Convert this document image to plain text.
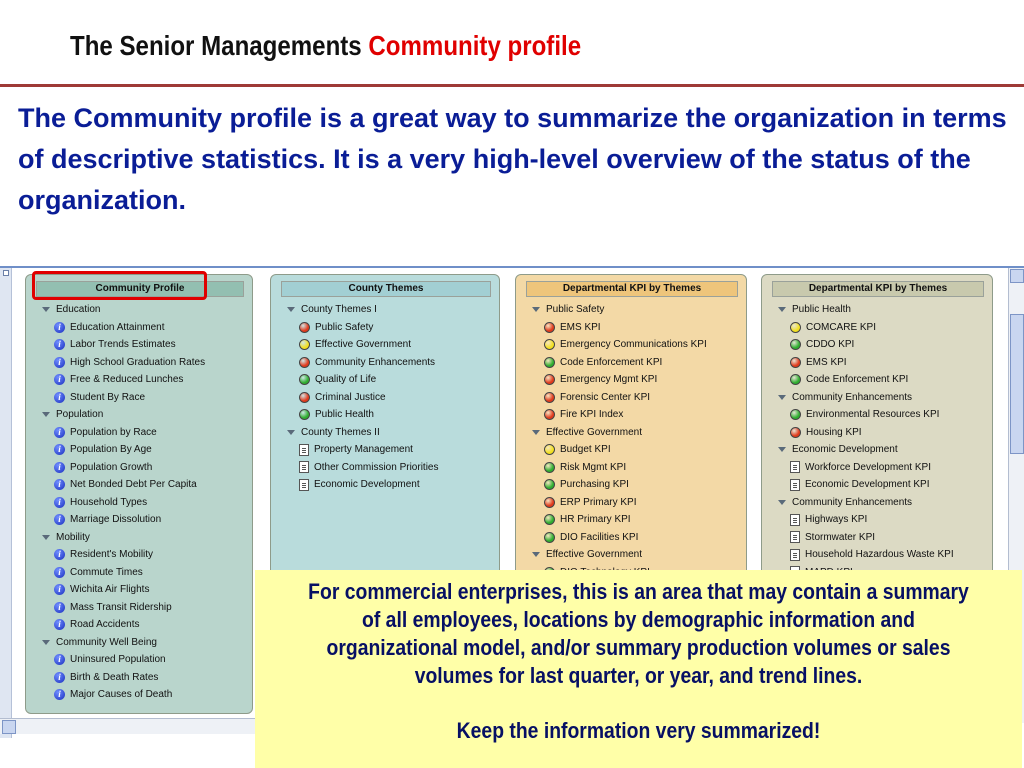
The Senior Managements Community profile
The Community profile is a great way to summarize the organization in terms of descriptive statistics. It is a very high-level overview of the status of the organization.
Community Profile
Education
i Education Attainment
i Labor Trends Estimates
i High School Graduation Rates
i Free & Reduced Lunches
i Student By Race
Population
i Population by Race
i Population By Age
i Population Growth
i Net Bonded Debt Per Capita
i Household Types
i Marriage Dissolution
Mobility
i Resident's Mobility
i Commute Times
i Wichita Air Flights
i Mass Transit Ridership
i Road Accidents
Community Well Being
i Uninsured Population
i Birth & Death Rates
i Major Causes of Death
County Themes
County Themes I
Public Safety
Effective Government
Community Enhancements
Quality of Life
Criminal Justice
Public Health
County Themes II
Property Management
Other Commission Priorities
Economic Development
Departmental KPI by Themes
Public Safety
EMS KPI
Emergency Communications KPI
Code Enforcement KPI
Emergency Mgmt KPI
Forensic Center KPI
Fire KPI Index
Effective Government
Budget KPI
Risk Mgmt KPI
Purchasing KPI
ERP Primary KPI
HR Primary KPI
DIO Facilities KPI
Effective Government
Departmental KPI by Themes
Public Health
COMCARE KPI
CDDO KPI
EMS KPI
Code Enforcement KPI
Community Enhancements
Environmental Resources KPI
Housing KPI
Economic Development
Workforce Development KPI
Economic Development KPI
Community Enhancements
Highways KPI
Stormwater KPI
Household Hazardous Waste KPI
For commercial enterprises, this is an area that may contain a summary of all employees, locations by demographic information and organizational model, and/or summary production volumes or sales volumes for last quarter, or year, and trend lines.
Keep the information very summarized!
